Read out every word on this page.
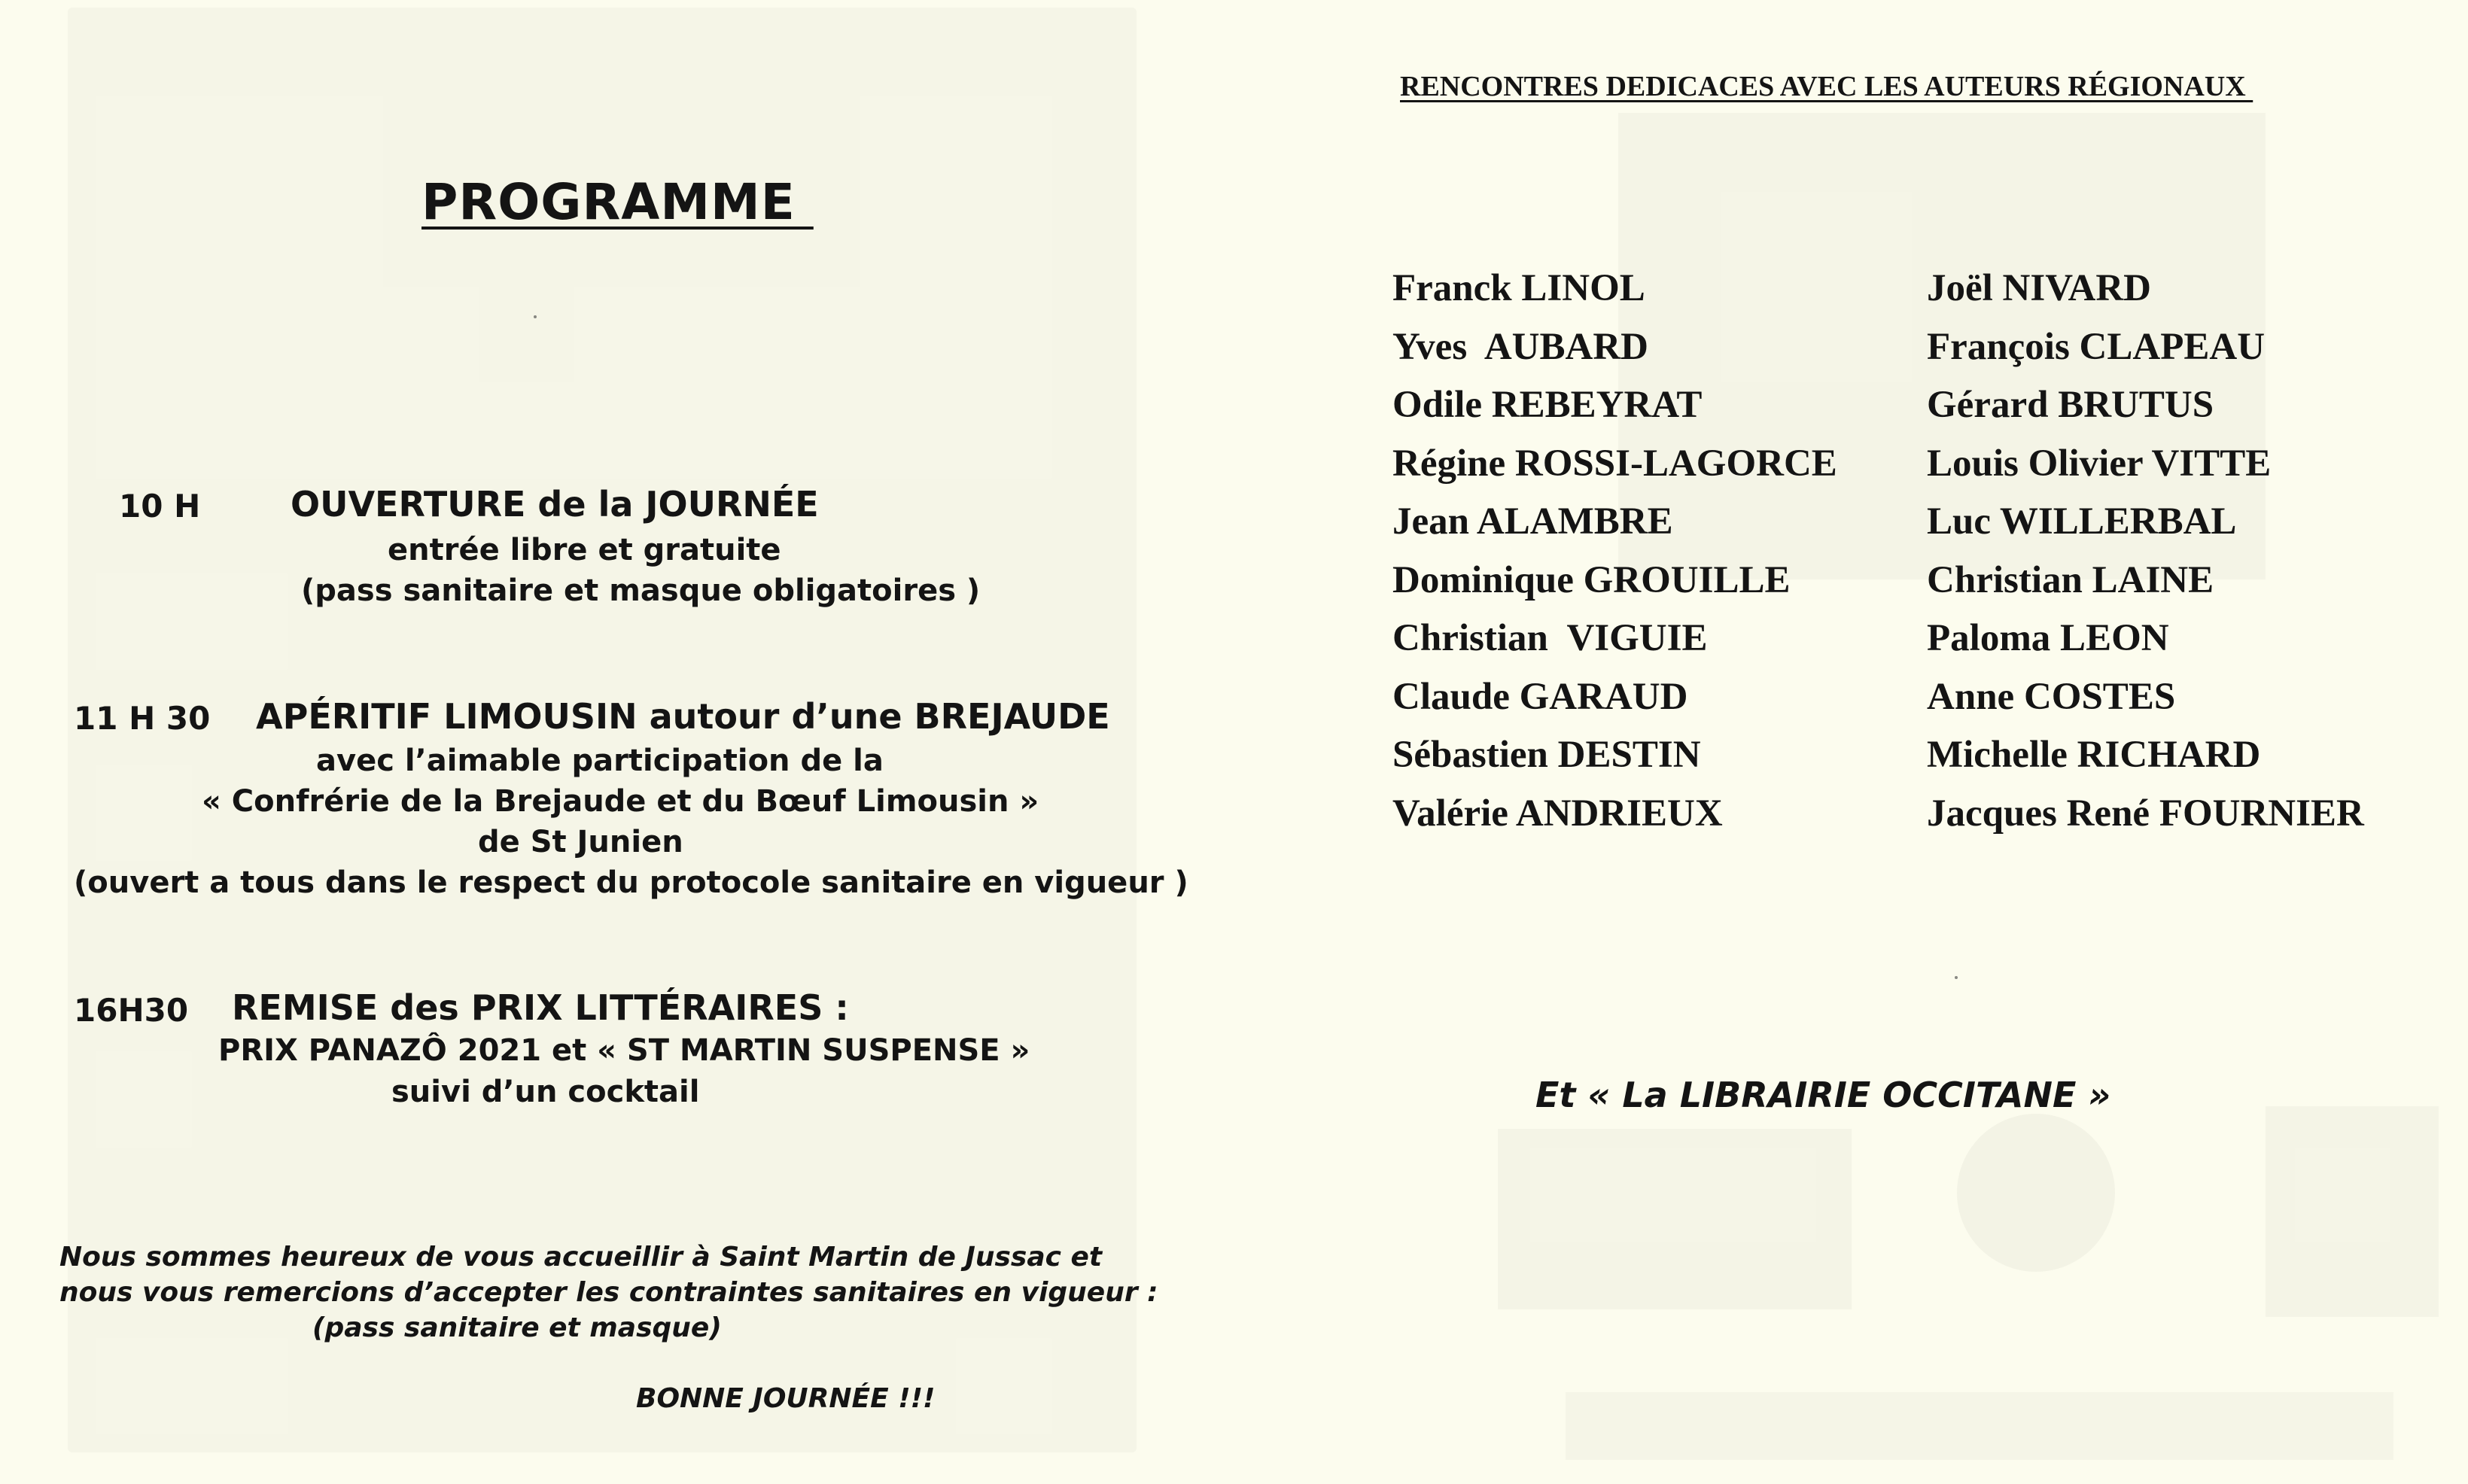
PROGRAMME
10 H	OUVERTURE de la JOURNÉE
entrée libre et gratuite
(pass sanitaire et masque obligatoires )
11 H 30 APÉRITIF LIMOUSIN autour d’une BREJAUDE
avec l’aimable participation de la
« Confrérie de la Brejaude et du Bœuf Limousin »
de St Junien
(ouvert a tous dans le respect du protocole sanitaire en vigueur )
16H30 REMISE des PRIX LITTÉRAIRES :
PRIX PANAZÔ 2021 et « ST MARTIN SUSPENSE »
suivi d’un cocktail
Nous sommes heureux de vous accueillir à Saint Martin de Jussac et
nous vous remercions d’accepter les contraintes sanitaires en vigueur :
(pass sanitaire et masque)
BONNE JOURNÉE !!!
RENCONTRES DEDICACES AVEC LES AUTEURS RÉGIONAUX
Franck LINOL
Yves  AUBARD
Odile REBEYRAT
Régine ROSSI-LAGORCE
Jean ALAMBRE
Dominique GROUILLE
Christian  VIGUIE
Claude GARAUD
Sébastien DESTIN
Valérie ANDRIEUX
Joël NIVARD
François CLAPEAU
Gérard BRUTUS
Louis Olivier VITTE
Luc WILLERBAL
Christian LAINE
Paloma LEON
Anne COSTES
Michelle RICHARD
Jacques René FOURNIER
Et « La LIBRAIRIE OCCITANE »
